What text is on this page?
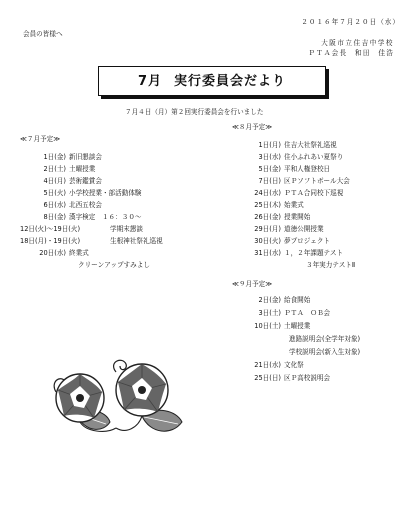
２０１６年７月２０日（水）
会員の皆様へ
大阪市立住吉中学校
ＰＴＡ会長　和田　佳浩
7月 実行委員会だより
７月４日（月）第２回実行委員会を行いました
≪７月予定≫
1日(金) 新旧懇談会
2日(土) 土曜授業
4日(月) 芸術鑑賞会
5日(火) 小学校授業・部活動体験
6日(水) 北西五校会
8日(金) 漢字検定　１６：３０～
12日(火)～19日(火)	学期末懇談
18日(月)・19日(火)	生根神社祭礼巡視
20日(水) 終業式
クリーンアップすみよし
≪８月予定≫
1日(月) 住吉大社祭礼巡視
3日(水) 住小ふれあい夏祭り
5日(金) 平和人権登校日
7日(日) 区Ｐソフトボール大会
24日(水) ＰＴＡ合同校下巡視
25日(木) 始業式
26日(金) 授業開始
29日(月) 道徳公開授業
30日(火) 夢プロジェクト
31日(水) １，２年課題テスト
３年実力テストⅡ
≪９月予定≫
2日(金) 給食開始
3日(土) ＰＴＡ　ＯＢ会
10日(土) 土曜授業
進路説明会(全学年対象)
学校説明会(新入生対象)
21日(水) 文化祭
25日(日) 区Ｐ高校説明会
